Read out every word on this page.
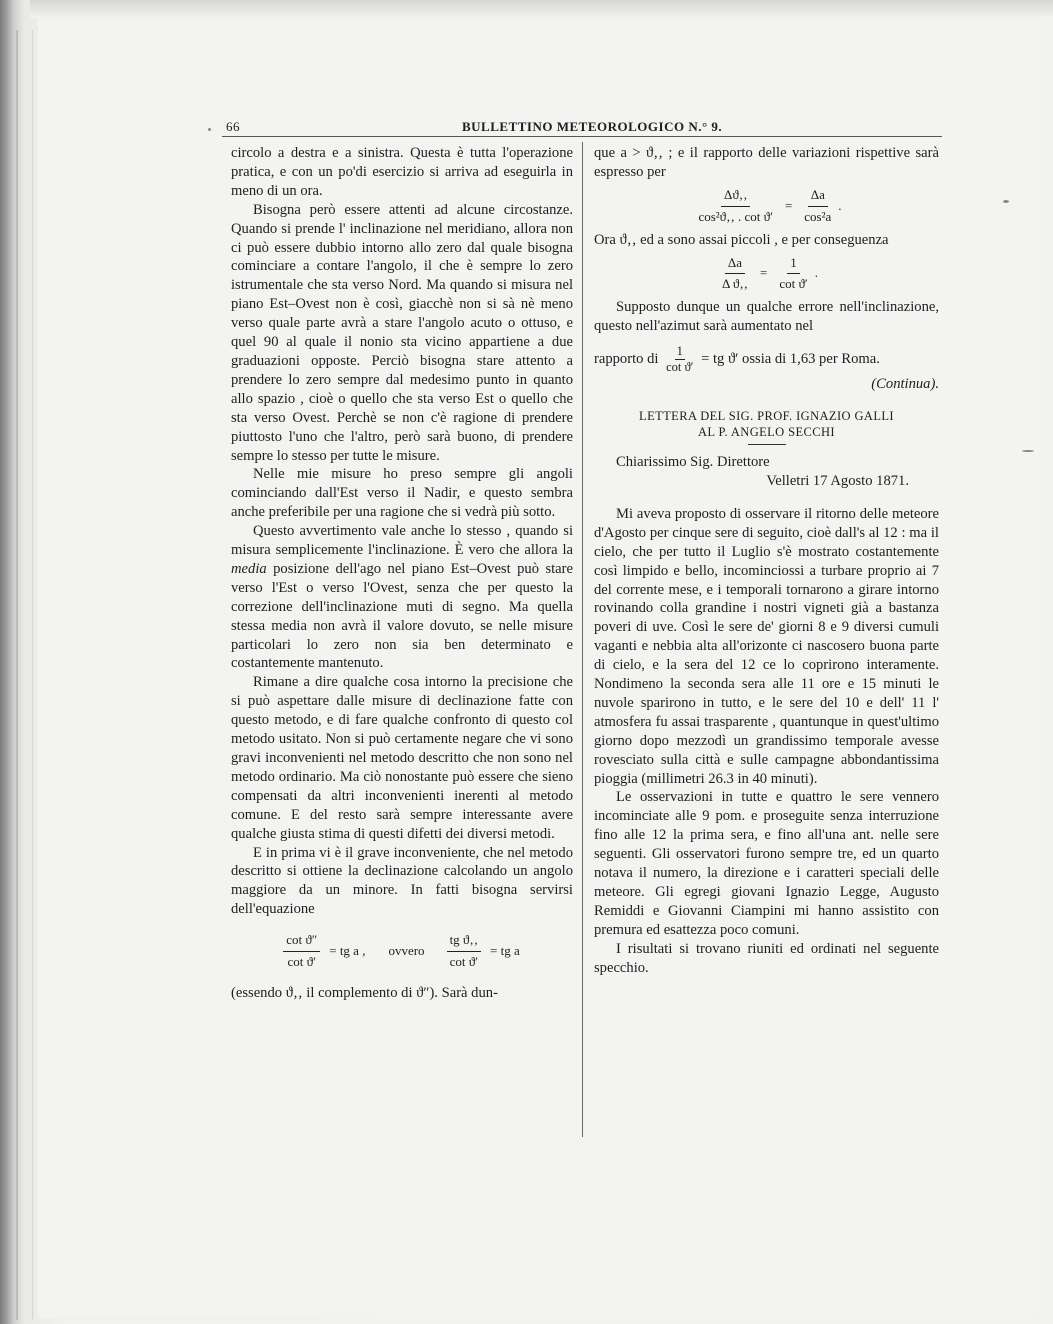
66	BULLETTINO METEOROLOGICO N.° 9.

circolo a destra e a sinistra. Questa è tutta l'operazione pratica, e con un po'di esercizio si arriva ad eseguirla in meno di un ora.

Bisogna però essere attenti ad alcune circostanze. Quando si prende l' inclinazione nel meridiano, allora non ci può essere dubbio intorno allo zero dal quale bisogna cominciare a contare l'angolo, il che è sempre lo zero istrumentale che sta verso Nord. Ma quando si misura nel piano Est–Ovest non è così, giacchè non si sà nè meno verso quale parte avrà a stare l'angolo acuto o ottuso, e quel 90 al quale il nonio sta vicino appartiene a due graduazioni opposte. Perciò bisogna stare attento a prendere lo zero sempre dal medesimo punto in quanto allo spazio , cioè o quello che sta verso Est o quello che sta verso Ovest. Perchè se non c'è ragione di prendere piuttosto l'uno che l'altro, però sarà buono, di prendere sempre lo stesso per tutte le misure.

Nelle mie misure ho preso sempre gli angoli cominciando dall'Est verso il Nadir, e questo sembra anche preferibile per una ragione che si vedrà più sotto.

Questo avvertimento vale anche lo stesso , quando si misura semplicemente l'inclinazione. È vero che allora la media posizione dell'ago nel piano Est–Ovest può stare verso l'Est o verso l'Ovest, senza che per questo la correzione dell'inclinazione muti di segno. Ma quella stessa media non avrà il valore dovuto, se nelle misure particolari lo zero non sia ben determinato e costantemente mantenuto.

Rimane a dire qualche cosa intorno la precisione che si può aspettare dalle misure di declinazione fatte con questo metodo, e di fare qualche confronto di questo col metodo usitato. Non si può certamente negare che vi sono gravi inconvenienti nel metodo descritto che non sono nel metodo ordinario. Ma ciò nonostante può essere che sieno compensati da altri inconvenienti inerenti al metodo comune. E del resto sarà sempre interessante avere qualche giusta stima di questi difetti dei diversi metodi.

E in prima vi è il grave inconveniente, che nel metodo descritto si ottiene la declinazione calcolando un angolo maggiore da un minore. In fatti bisogna servirsi dell'equazione

$\frac{\text{cot ϑ″}}{\text{cot ϑ′}}$ = tg a , ovvero $\frac{\text{tg ϑ‚‚}}{\text{cot ϑ′}}$ = tg a

(essendo ϑ‚‚ il complemento di ϑ″). Sarà dun-

que a > ϑ‚‚ ; e il rapporto delle variazioni rispettive sarà espresso per

$\frac{\Delta ϑ‚‚}{\text{cos²ϑ‚‚ . cot ϑ′}} = \frac{\Delta a}{\text{cos²a}}$ .

Ora ϑ‚‚ ed a sono assai piccoli , e per conseguenza

$\frac{\Delta a}{\text{Δ ϑ‚‚}} = \frac{1}{\text{cot ϑ′}}$ .

Supposto dunque un qualche errore nell'inclinazione, questo nell'azimut sarà aumentato nel

rapporto di $\frac{1}{\text{cot ϑ′}}$ = tg ϑ′ ossia di 1,63 per Roma.

(Continua).

LETTERA DEL SIG. PROF. IGNAZIO GALLI
AL P. ANGELO SECCHI

Chiarissimo Sig. Direttore

Velletri 17 Agosto 1871.

Mi aveva proposto di osservare il ritorno delle meteore d'Agosto per cinque sere di seguito, cioè dall's al 12 : ma il cielo, che per tutto il Luglio s'è mostrato costantemente così limpido e bello, incominciossi a turbare proprio ai 7 del corrente mese, e i temporali tornarono a girare intorno rovinando colla grandine i nostri vigneti già a bastanza poveri di uve. Così le sere de' giorni 8 e 9 diversi cumuli vaganti e nebbia alta all'orizonte ci nascosero buona parte di cielo, e la sera del 12 ce lo coprirono interamente. Nondimeno la seconda sera alle 11 ore e 15 minuti le nuvole sparirono in tutto, e le sere del 10 e dell' 11 l' atmosfera fu assai trasparente , quantunque in quest'ultimo giorno dopo mezzodì un grandissimo temporale avesse rovesciato sulla città e sulle campagne abbondantissima pioggia (millimetri 26.3 in 40 minuti).

Le osservazioni in tutte e quattro le sere vennero incominciate alle 9 pom. e proseguite senza interruzione fino alle 12 la prima sera, e fino all'una ant. nelle sere seguenti. Gli osservatori furono sempre tre, ed un quarto notava il numero, la direzione e i caratteri speciali delle meteore. Gli egregi giovani Ignazio Legge, Augusto Remiddi e Giovanni Ciampini mi hanno assistito con premura ed esattezza poco comuni.

I risultati si trovano riuniti ed ordinati nel seguente specchio.
